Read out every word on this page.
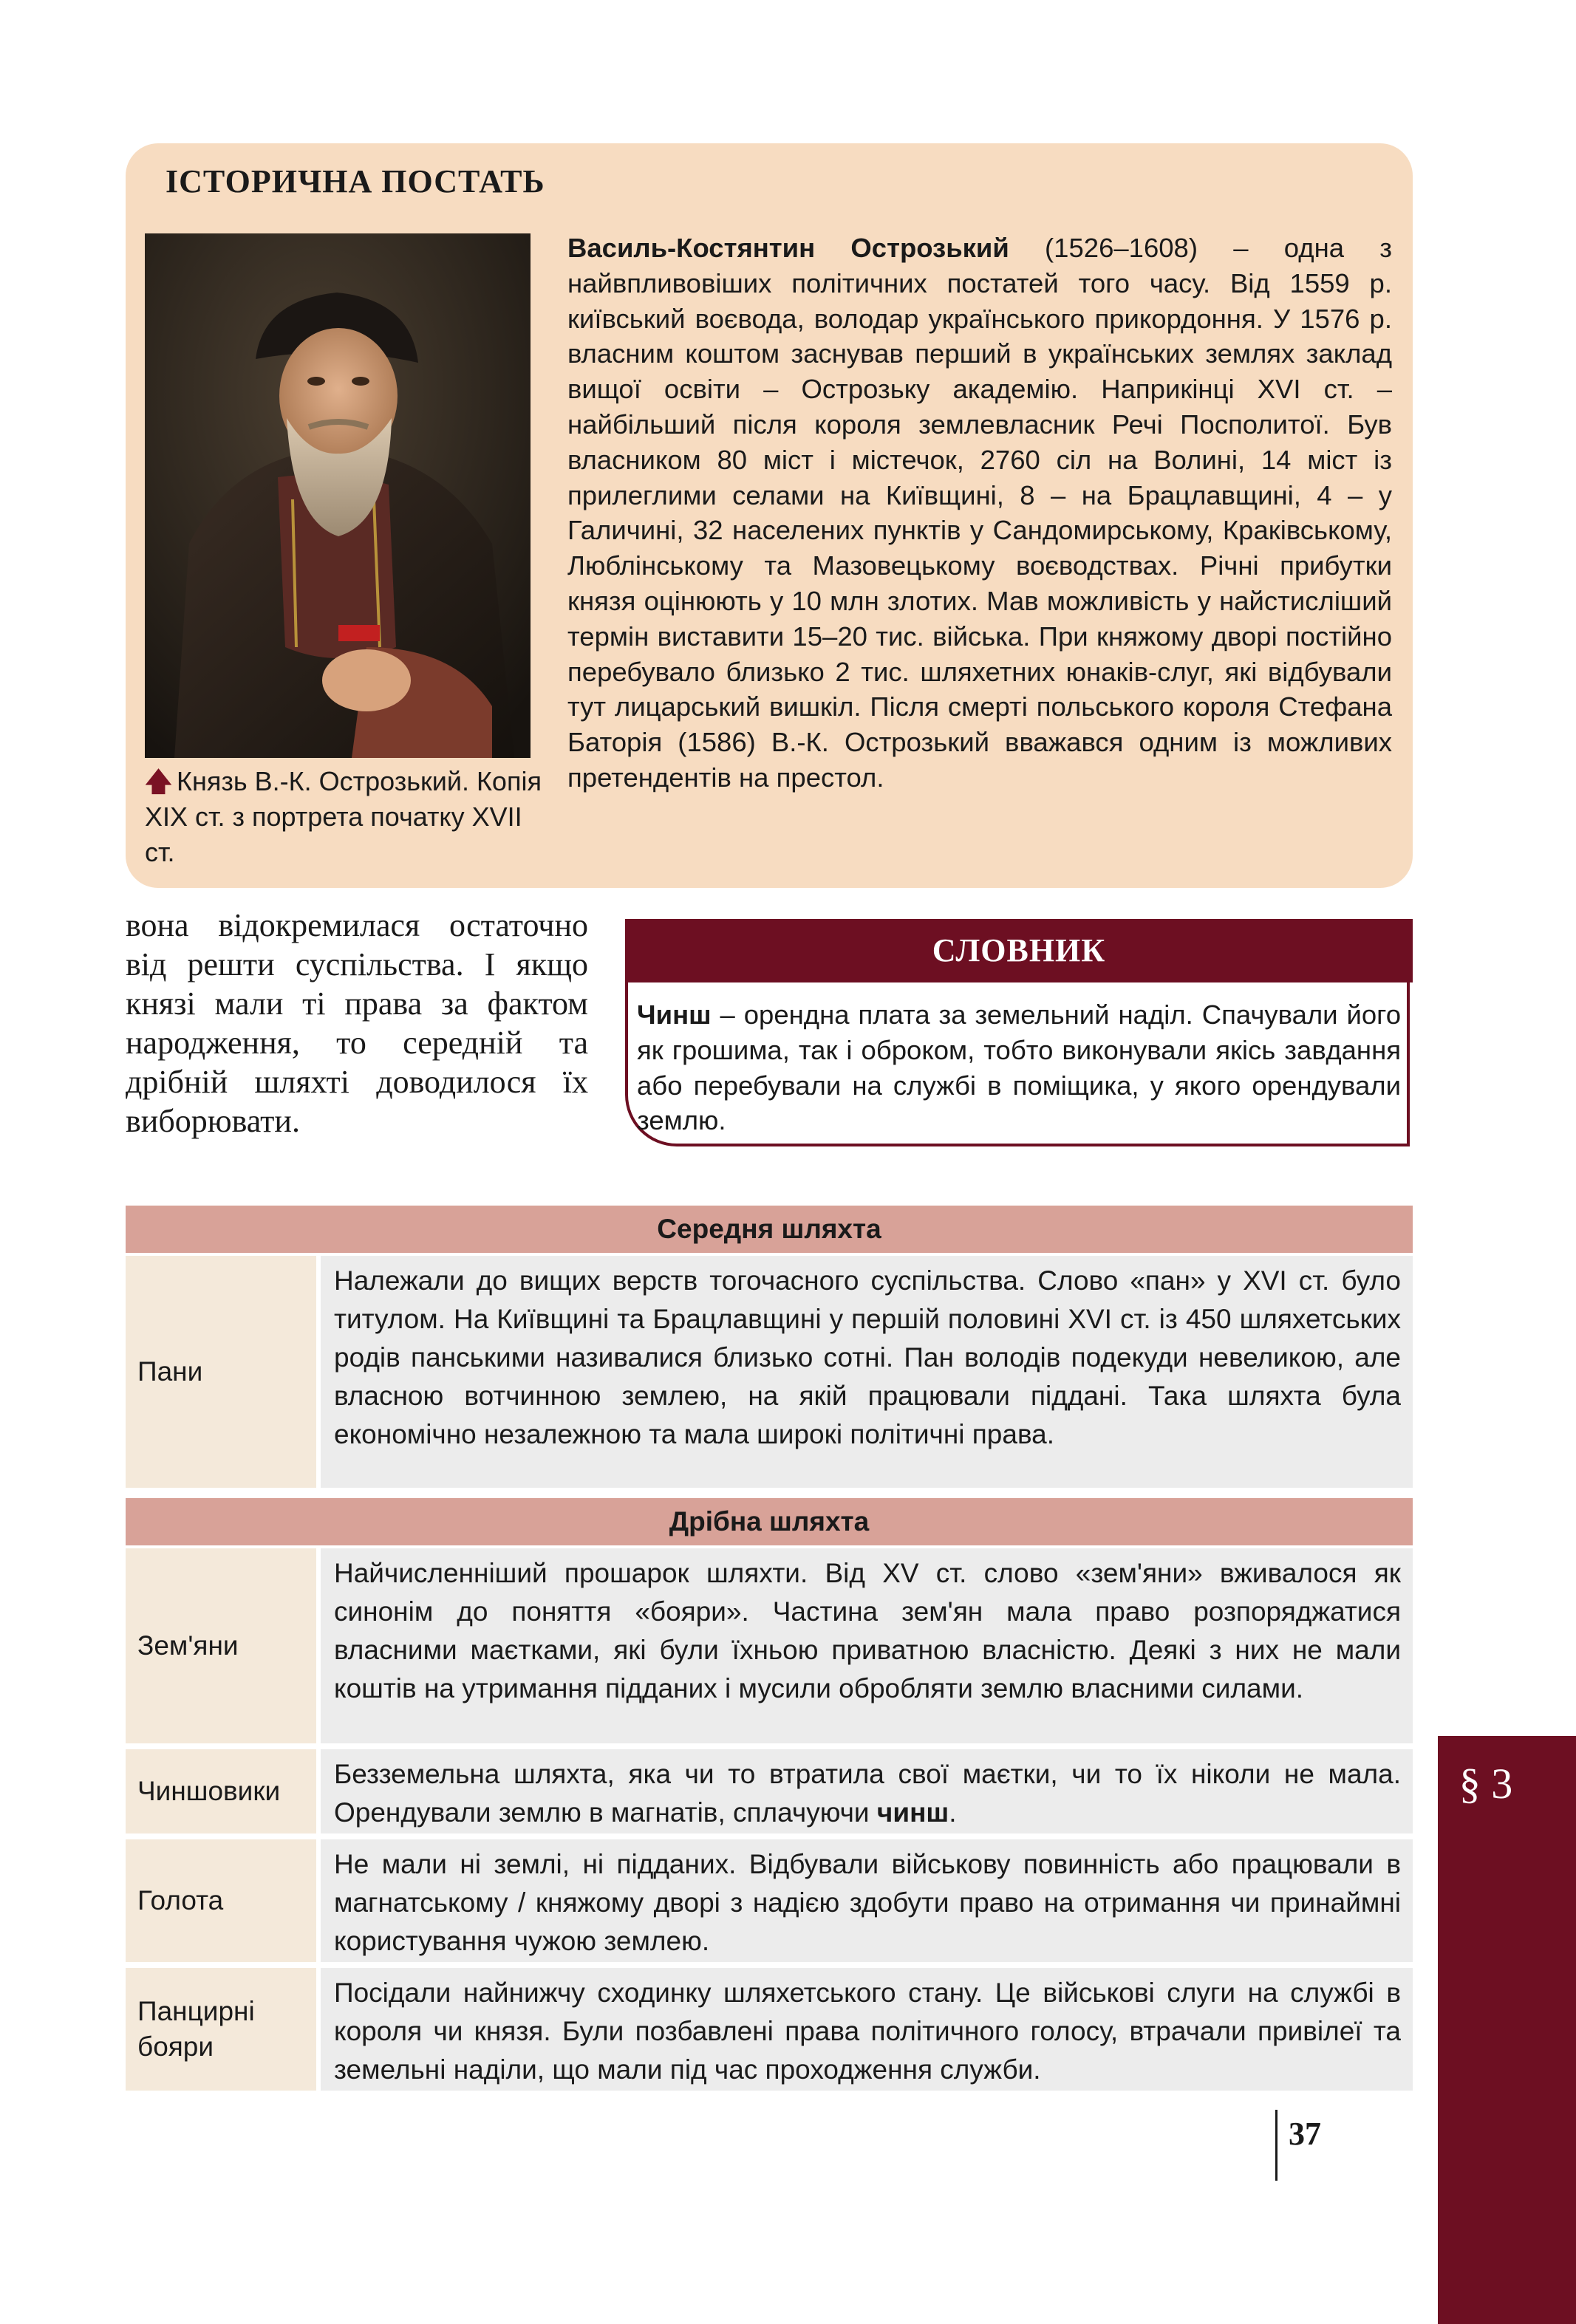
ІСТОРИЧНА ПОСТАТЬ
🡅 Князь В.-К. Острозький. Копія XIX ст. з портрета початку XVII ст.
Василь-Костянтин Острозький (1526–1608) – одна з найвпливовіших політичних постатей того часу. Від 1559 р. київський воєвода, володар українського прикордоння. У 1576 р. власним коштом заснував перший в українських землях заклад вищої освіти – Острозьку академію. Наприкінці XVI ст. – найбільший після короля землевласник Речі Посполитої. Був власником 80 міст і містечок, 2760 сіл на Волині, 14 міст із прилеглими селами на Київщині, 8 – на Брацлавщині, 4 – у Галичині, 32 населених пунктів у Сандомирському, Краківському, Люблінському та Мазовецькому воєводствах. Річні прибутки князя оцінюють у 10 млн злотих. Мав можливість у найстисліший термін виставити 15–20 тис. війська. При княжому дворі постійно перебувало близько 2 тис. шляхетних юнаків-слуг, які відбували тут лицарський вишкіл. Після смерті польського короля Стефана Баторія (1586) В.-К. Острозький вважався одним із можливих претендентів на престол.
вона відокремилася остаточно від решти суспільства. І якщо князі мали ті права за фактом народження, то середній та дрібній шляхті доводилося їх виборювати.
СЛОВНИК
Чинш – орендна плата за земельний наділ. Спачували його як грошима, так і оброком, тобто виконували якісь завдання або перебували на службі в поміщика, у якого орендували землю.
Середня шляхта
Пани
Належали до вищих верств тогочасного суспільства. Слово «пан» у XVI ст. було титулом. На Київщині та Брацлавщині у першій половині XVI ст. із 450 шляхетських родів панськими називалися близько сотні. Пан володів подекуди невеликою, але власною вотчинною землею, на якій працювали піддані. Така шляхта була економічно незалежною та мала широкі політичні права.
Дрібна шляхта
Зем'яни
Найчисленніший прошарок шляхти. Від XV ст. слово «зем'яни» вживалося як синонім до поняття «бояри». Частина зем'ян мала право розпоряджатися власними маєтками, які були їхньою приватною власністю. Деякі з них не мали коштів на утримання підданих і мусили обробляти землю власними силами.
Чиншовики
Безземельна шляхта, яка чи то втратила свої маєтки, чи то їх ніколи не мала. Орендували землю в магнатів, сплачуючи чинш.
Голота
Не мали ні землі, ні підданих. Відбували військову повинність або працювали в магнатському / княжому дворі з надією здобути право на отримання чи принаймні користування чужою землею.
Панцирні бояри
Посідали найнижчу сходинку шляхетського стану. Це військові слуги на службі в короля чи князя. Були позбавлені права політичного голосу, втрачали привілеї та земельні наділи, що мали під час проходження служби.
§ 3
37
